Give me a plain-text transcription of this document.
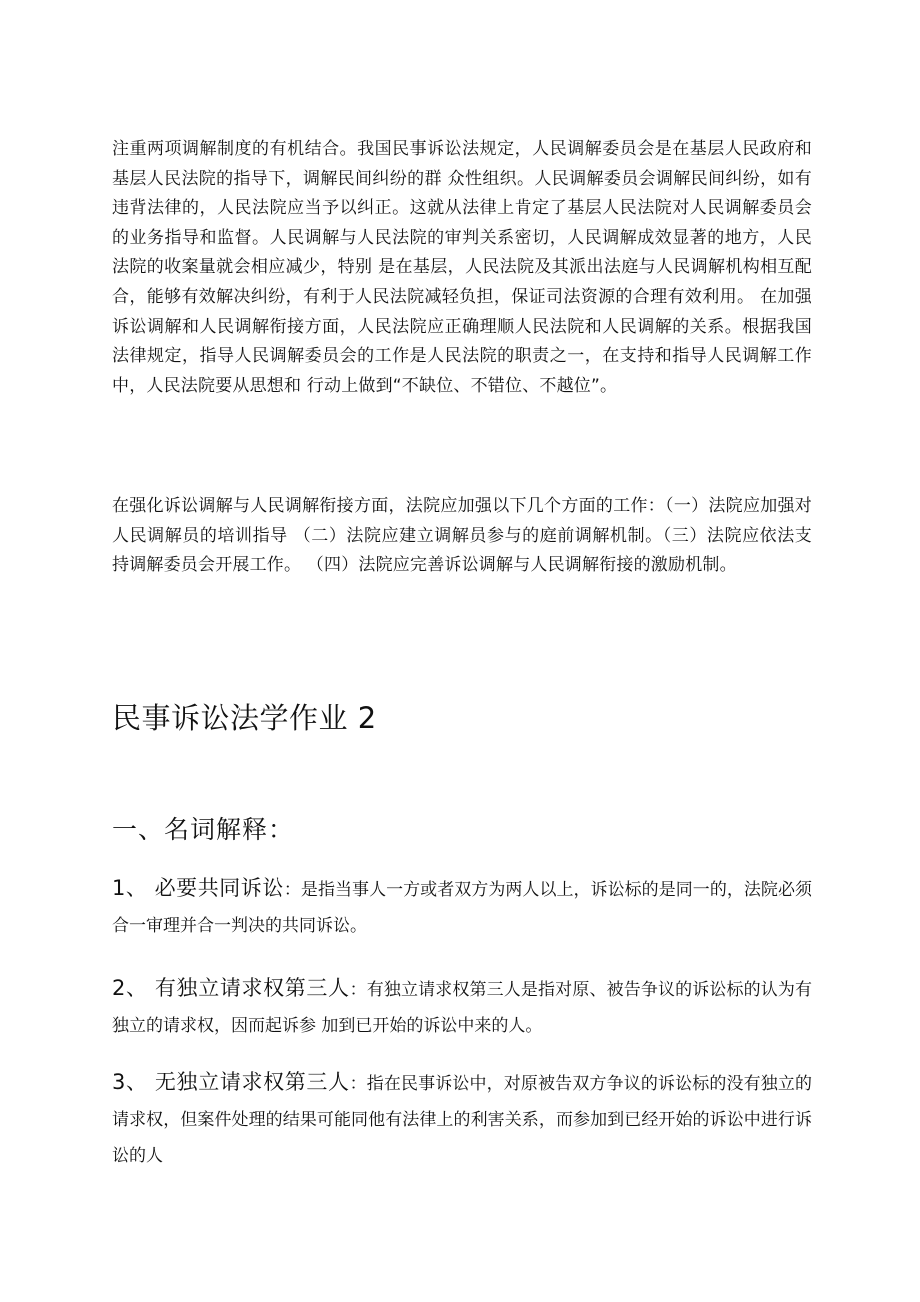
注重两项调解制度的有机结合。我国民事诉讼法规定，人民调解委员会是在基层人民政府和基层人民法院的指导下，调解民间纠纷的群 众性组织。人民调解委员会调解民间纠纷，如有违背法律的，人民法院应当予以纠正。这就从法律上肯定了基层人民法院对人民调解委员会的业务指导和监督。人民调解与人民法院的审判关系密切，人民调解成效显著的地方，人民法院的收案量就会相应减少，特别 是在基层，人民法院及其派出法庭与人民调解机构相互配合，能够有效解决纠纷，有利于人民法院减轻负担，保证司法资源的合理有效利用。 在加强诉讼调解和人民调解衔接方面，人民法院应正确理顺人民法院和人民调解的关系。根据我国法律规定，指导人民调解委员会的工作是人民法院的职责之一，在支持和指导人民调解工作中，人民法院要从思想和 行动上做到“不缺位、不错位、不越位”。

在强化诉讼调解与人民调解衔接方面，法院应加强以下几个方面的工作：（一）法院应加强对人民调解员的培训指导 （二）法院应建立调解员参与的庭前调解机制。（三）法院应依法支持调解委员会开展工作。 （四）法院应完善诉讼调解与人民调解衔接的激励机制。

民事诉讼法学作业 2
一、名词解释：

1、 必要共同诉讼：是指当事人一方或者双方为两人以上，诉讼标的是同一的，法院必须合一审理并合一判决的共同诉讼。

2、 有独立请求权第三人：有独立请求权第三人是指对原、被告争议的诉讼标的认为有独立的请求权，因而起诉参 加到已开始的诉讼中来的人。

3、 无独立请求权第三人：指在民事诉讼中，对原被告双方争议的诉讼标的没有独立的请求权，但案件处理的结果可能同他有法律上的利害关系，而参加到已经开始的诉讼中进行诉讼的人
